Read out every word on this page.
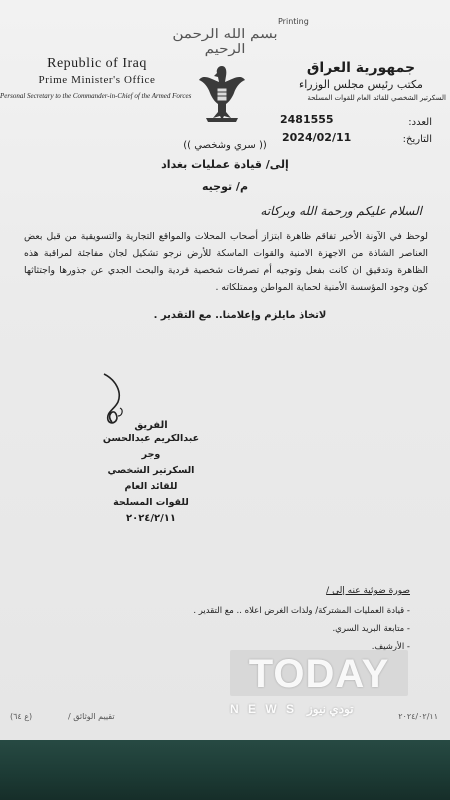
بسم الله الرحمن الرحيم
Printing
Republic of Iraq
Prime Minister's Office
Personal Secretary to the Commander-in-Chief of the Armed Forces
جمهورية العراق
مكتب رئيس مجلس الوزراء
السكرتير الشخصي للقائد العام للقوات المسلحة
العدد:
2481555
التاريخ:
2024/02/11
(( سري وشخصي ))
إلى/ قيادة عمليات بغداد
م/ توجيه
السلام عليكم ورحمة الله وبركاته
لوحظ في الآونة الأخير تفاقم ظاهرة ابتزاز أصحاب المحلات والمواقع التجارية والتسويقية من قبل بعض العناصر الشاذة من الاجهزة الامنية والقوات الماسكة للأرض نرجو تشكيل لجان مفاجئة لمراقبة هذه الظاهرة وتدقيق ان كانت بفعل وتوجيه أم تصرفات شخصية فردية والبحث الجدي عن جذورها واجتثاثها كون وجود المؤسسة الأمنية لحماية المواطن وممتلكاته .
لاتخاذ مايلزم وإعلامنا.. مع التقدير .
الفريق
عبدالكريم عبدالحسن وجر
السكرتير الشخصي للقائد العام
للقوات المسلحة
٢٠٢٤/٢/١١
صورة ضوئية عنه إلى /
- قيادة العمليات المشتركة/ ولذات الغرض اعلاه .. مع التقدير .
- متابعة البريد السري.
- الأرشيف.
(ع ٦٤)	تقييم الوثائق /	٢٠٢٤/٠٢/١١
TODAY
N E W S تودي نيوز
